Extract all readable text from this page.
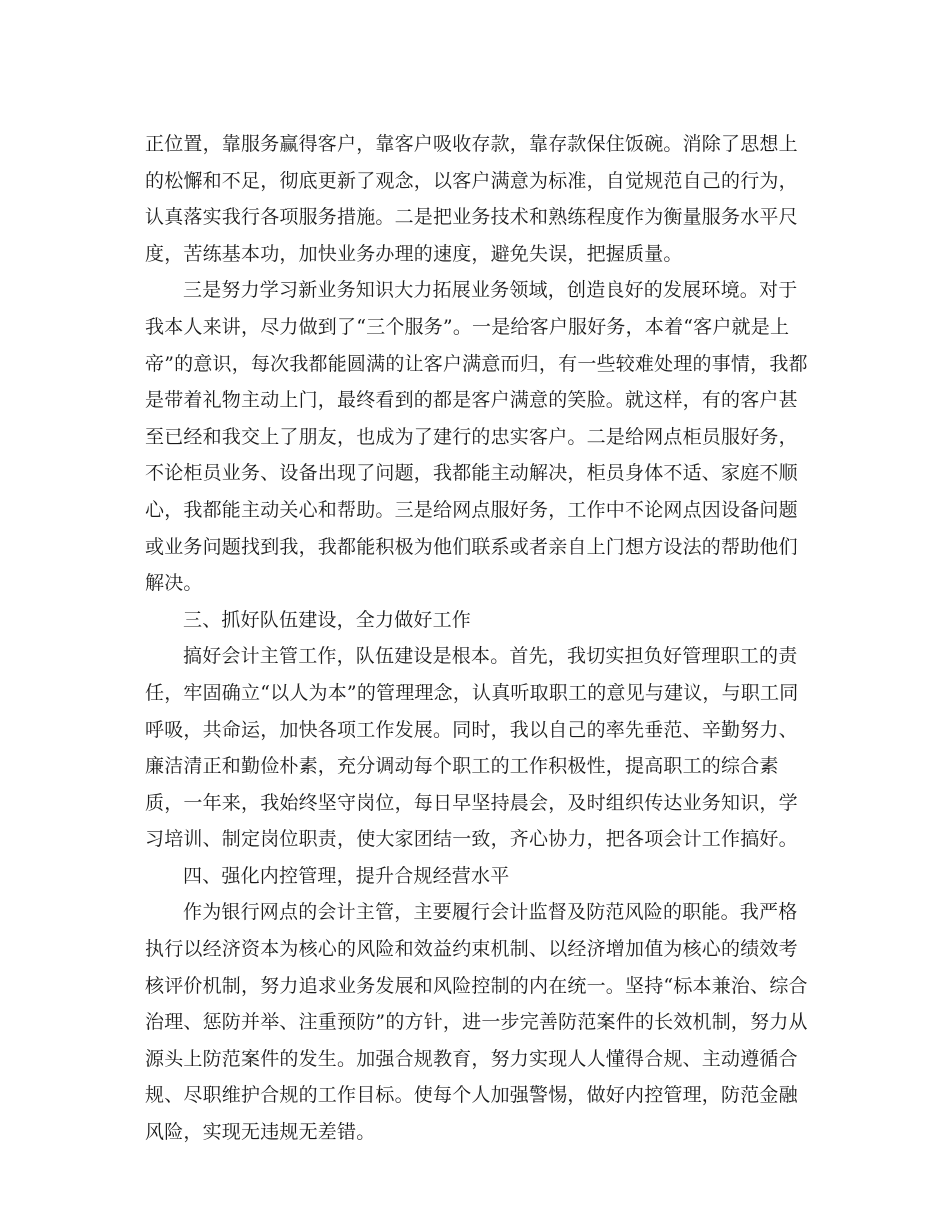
正位置，靠服务赢得客户，靠客户吸收存款，靠存款保住饭碗。消除了思想上的松懈和不足，彻底更新了观念，以客户满意为标准，自觉规范自己的行为，认真落实我行各项服务措施。二是把业务技术和熟练程度作为衡量服务水平尺度，苦练基本功，加快业务办理的速度，避免失误，把握质量。

三是努力学习新业务知识大力拓展业务领域，创造良好的发展环境。对于我本人来讲，尽力做到了“三个服务”。一是给客户服好务，本着“客户就是上帝”的意识，每次我都能圆满的让客户满意而归，有一些较难处理的事情，我都是带着礼物主动上门，最终看到的都是客户满意的笑脸。就这样，有的客户甚至已经和我交上了朋友，也成为了建行的忠实客户。二是给网点柜员服好务，不论柜员业务、设备出现了问题，我都能主动解决，柜员身体不适、家庭不顺心，我都能主动关心和帮助。三是给网点服好务，工作中不论网点因设备问题或业务问题找到我，我都能积极为他们联系或者亲自上门想方设法的帮助他们解决。

三、抓好队伍建设，全力做好工作

搞好会计主管工作，队伍建设是根本。首先，我切实担负好管理职工的责任，牢固确立“以人为本”的管理理念，认真听取职工的意见与建议，与职工同呼吸，共命运，加快各项工作发展。同时，我以自己的率先垂范、辛勤努力、廉洁清正和勤俭朴素，充分调动每个职工的工作积极性，提高职工的综合素质，一年来，我始终坚守岗位，每日早坚持晨会，及时组织传达业务知识，学习培训、制定岗位职责，使大家团结一致，齐心协力，把各项会计工作搞好。

四、强化内控管理，提升合规经营水平

作为银行网点的会计主管，主要履行会计监督及防范风险的职能。我严格执行以经济资本为核心的风险和效益约束机制、以经济增加值为核心的绩效考核评价机制，努力追求业务发展和风险控制的内在统一。坚持“标本兼治、综合治理、惩防并举、注重预防”的方针，进一步完善防范案件的长效机制，努力从源头上防范案件的发生。加强合规教育，努力实现人人懂得合规、主动遵循合规、尽职维护合规的工作目标。使每个人加强警惕，做好内控管理，防范金融风险，实现无违规无差错。
